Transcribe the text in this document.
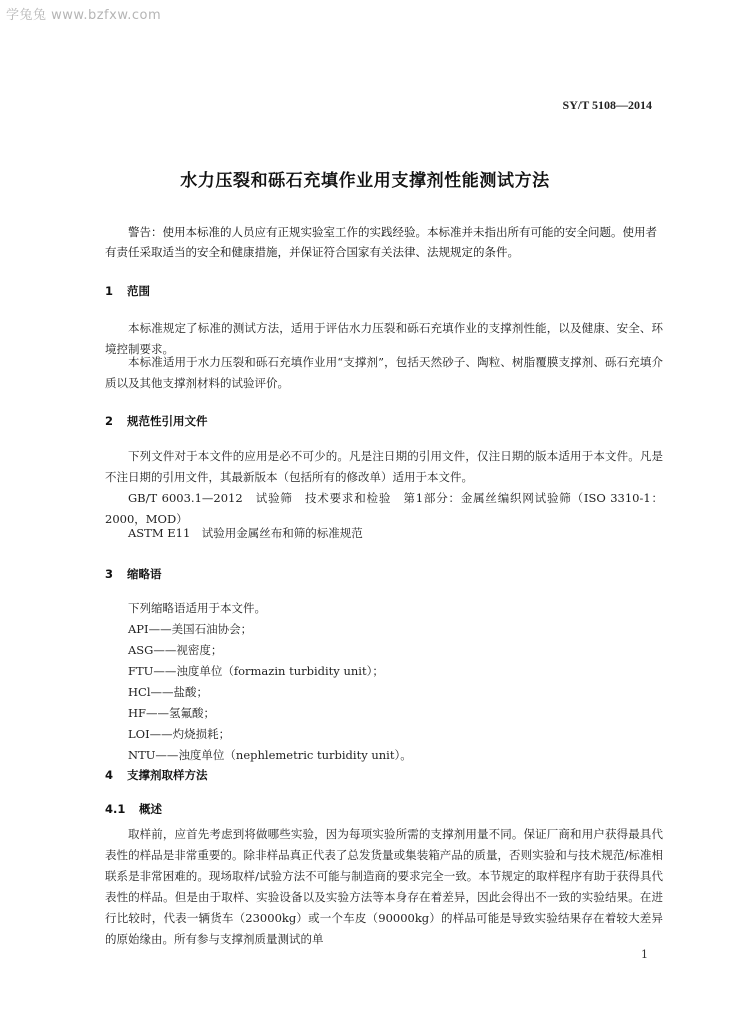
学兔兔 www.bzfxw.com
SY/T 5108—2014
水力压裂和砾石充填作业用支撑剂性能测试方法
警告：使用本标准的人员应有正规实验室工作的实践经验。本标准并未指出所有可能的安全问题。使用者有责任采取适当的安全和健康措施，并保证符合国家有关法律、法规规定的条件。
1 范围
本标准规定了标准的测试方法，适用于评估水力压裂和砾石充填作业的支撑剂性能，以及健康、安全、环境控制要求。
本标准适用于水力压裂和砾石充填作业用“支撑剂”，包括天然砂子、陶粒、树脂覆膜支撑剂、砾石充填介质以及其他支撑剂材料的试验评价。
2 规范性引用文件
下列文件对于本文件的应用是必不可少的。凡是注日期的引用文件，仅注日期的版本适用于本文件。凡是不注日期的引用文件，其最新版本（包括所有的修改单）适用于本文件。
GB/T 6003.1—2012　试验筛　技术要求和检验　第1部分：金属丝编织网试验筛（ISO 3310-1：2000，MOD）
ASTM E11　试验用金属丝布和筛的标准规范
3 缩略语
下列缩略语适用于本文件。
API——美国石油协会；
ASG——视密度；
FTU——浊度单位（formazin turbidity unit）；
HCl——盐酸；
HF——氢氟酸；
LOI——灼烧损耗；
NTU——浊度单位（nephlemetric turbidity unit）。
4 支撑剂取样方法
4.1 概述
取样前，应首先考虑到将做哪些实验，因为每项实验所需的支撑剂用量不同。保证厂商和用户获得最具代表性的样品是非常重要的。除非样品真正代表了总发货量或集装箱产品的质量，否则实验和与技术规范/标准相联系是非常困难的。现场取样/试验方法不可能与制造商的要求完全一致。本节规定的取样程序有助于获得具代表性的样品。但是由于取样、实验设备以及实验方法等本身存在着差异，因此会得出不一致的实验结果。在进行比较时，代表一辆货车（23000kg）或一个车皮（90000kg）的样品可能是导致实验结果存在着较大差异的原始缘由。所有参与支撑剂质量测试的单
1
